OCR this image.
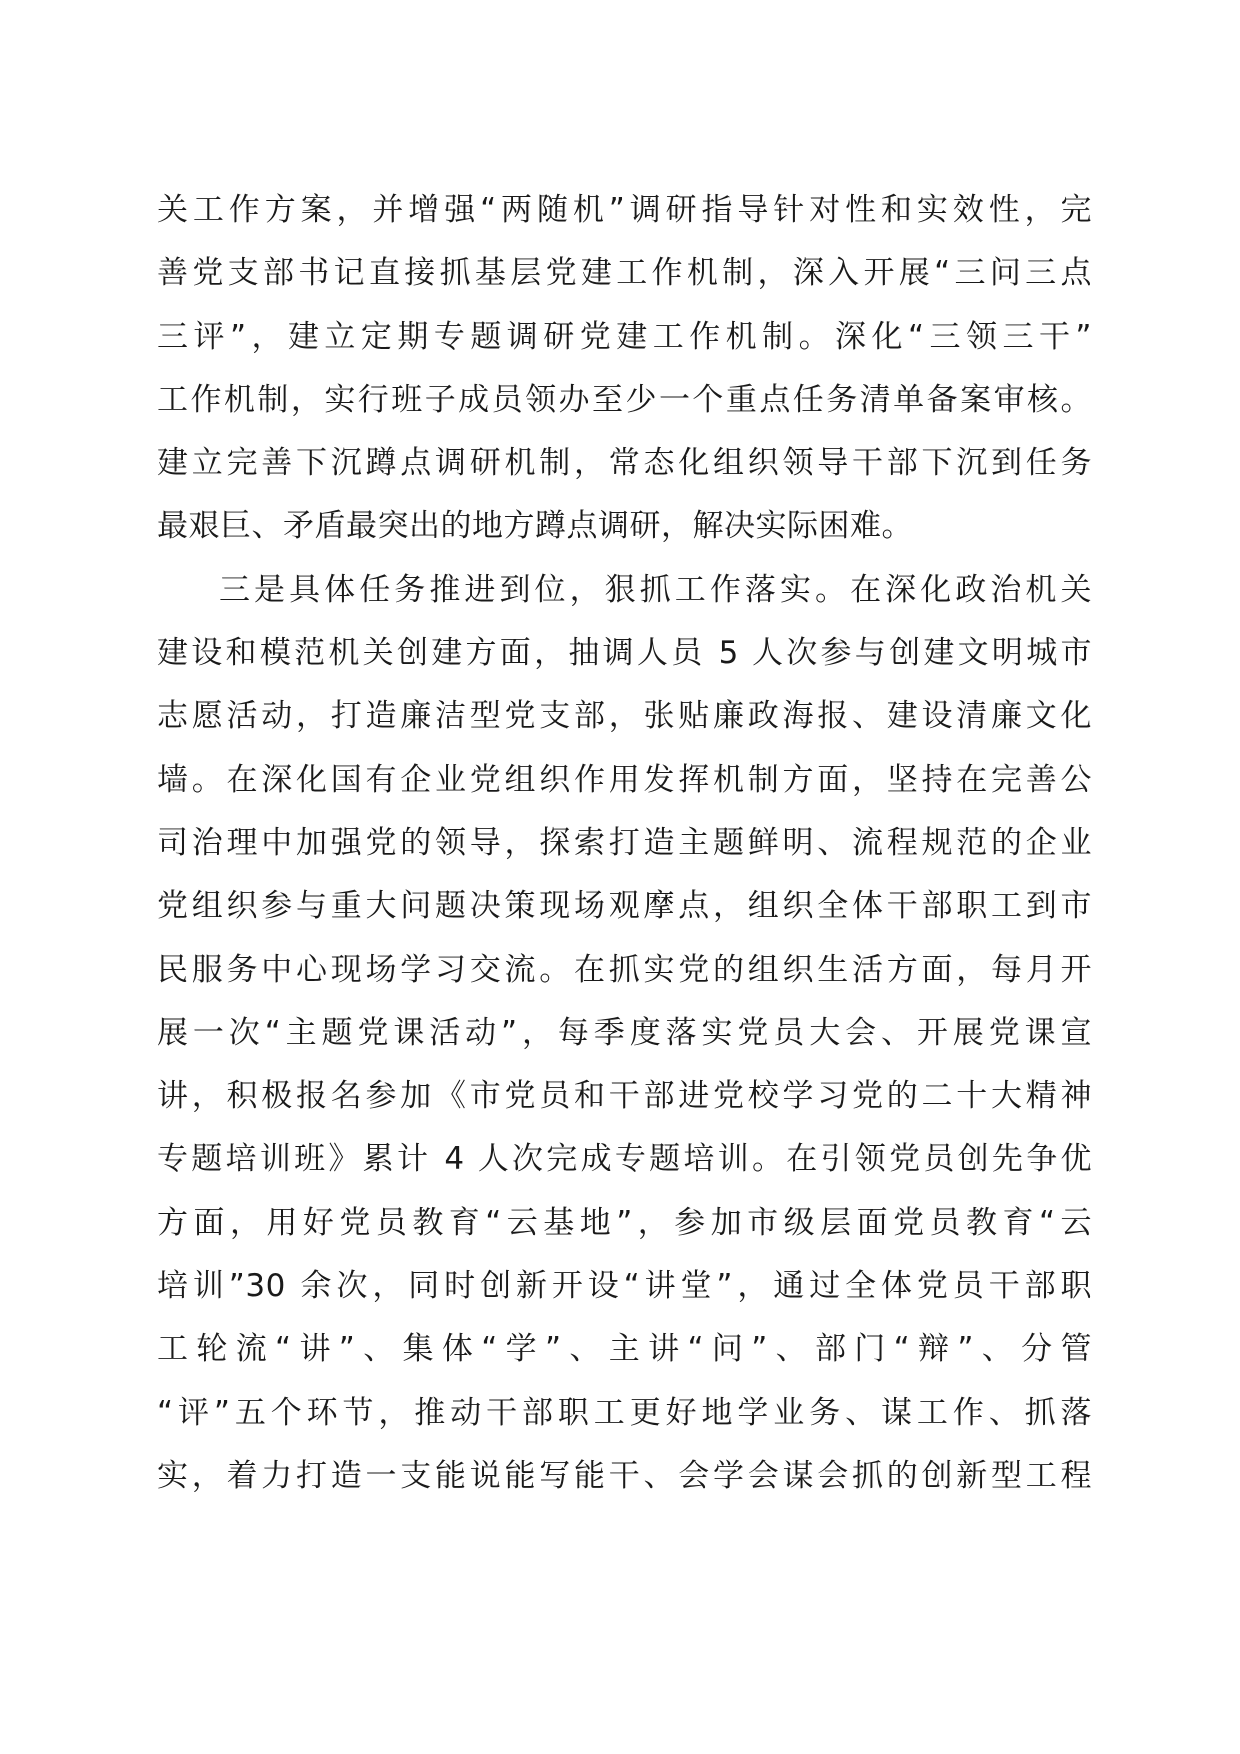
关工作方案，并增强“两随机”调研指导针对性和实效性，完
善党支部书记直接抓基层党建工作机制，深入开展“三问三点
三评”，建立定期专题调研党建工作机制。深化“三领三干”
工作机制，实行班子成员领办至少一个重点任务清单备案审核。
建立完善下沉蹲点调研机制，常态化组织领导干部下沉到任务
最艰巨、矛盾最突出的地方蹲点调研，解决实际困难。
三是具体任务推进到位，狠抓工作落实。在深化政治机关
建设和模范机关创建方面，抽调人员 5 人次参与创建文明城市
志愿活动，打造廉洁型党支部，张贴廉政海报、建设清廉文化
墙。在深化国有企业党组织作用发挥机制方面，坚持在完善公
司治理中加强党的领导，探索打造主题鲜明、流程规范的企业
党组织参与重大问题决策现场观摩点，组织全体干部职工到市
民服务中心现场学习交流。在抓实党的组织生活方面，每月开
展一次“主题党课活动”，每季度落实党员大会、开展党课宣
讲，积极报名参加《市党员和干部进党校学习党的二十大精神
专题培训班》累计 4 人次完成专题培训。在引领党员创先争优
方面，用好党员教育“云基地”，参加市级层面党员教育“云
培训”30 余次，同时创新开设“讲堂”，通过全体党员干部职
工轮流“讲”、集体“学”、主讲“问”、部门“辩”、分管
“评”五个环节，推动干部职工更好地学业务、谋工作、抓落
实，着力打造一支能说能写能干、会学会谋会抓的创新型工程
